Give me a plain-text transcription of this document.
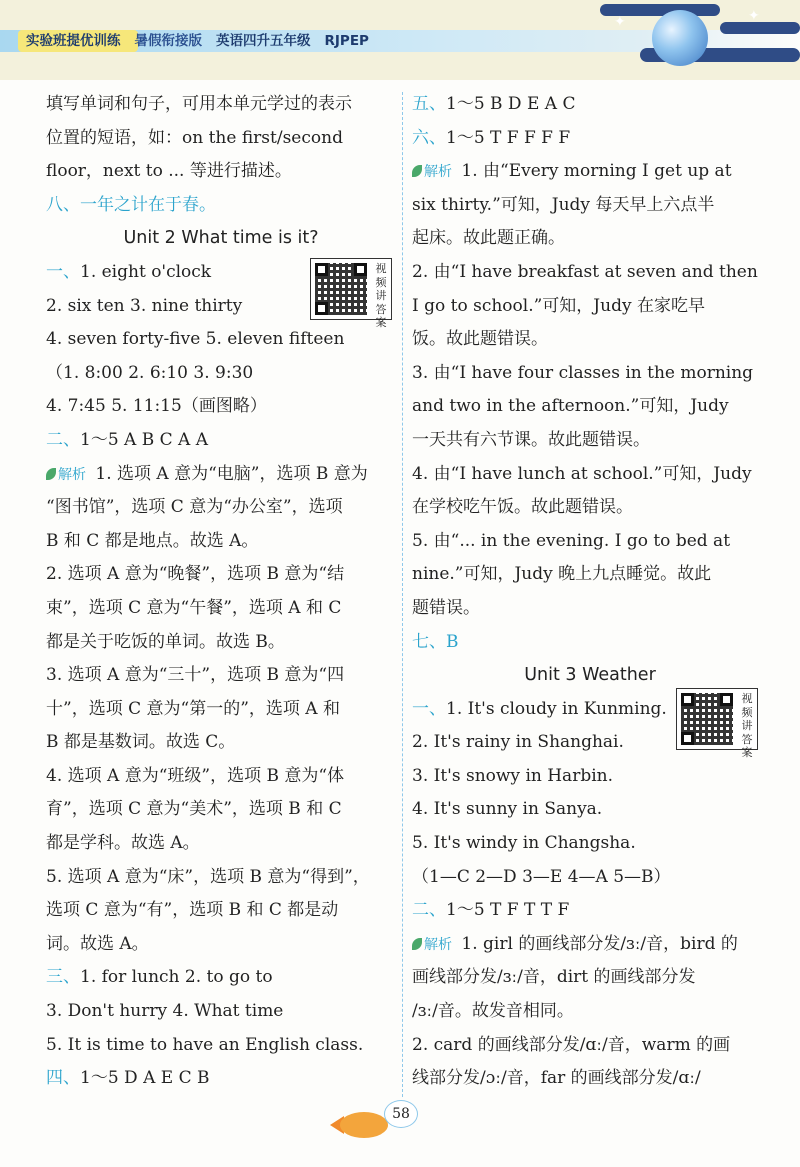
实验班提优训练 暑假衔接版 英语四升五年级 RJPEP
✦	✦
填写单词和句子，可用本单元学过的表示
位置的短语，如：on the first/second
floor，next to ... 等进行描述。
八、一年之计在于春。
Unit 2 What time is it?
一、1. eight o'clock
2. six ten 3. nine thirty
4. seven forty-five 5. eleven fifteen
（1. 8:00 2. 6:10 3. 9:30
4. 7:45 5. 11:15（画图略）
二、1～5 A B C A A
解析 1. 选项 A 意为“电脑”，选项 B 意为
“图书馆”，选项 C 意为“办公室”，选项
B 和 C 都是地点。故选 A。
2. 选项 A 意为“晚餐”，选项 B 意为“结
束”，选项 C 意为“午餐”，选项 A 和 C
都是关于吃饭的单词。故选 B。
3. 选项 A 意为“三十”，选项 B 意为“四
十”，选项 C 意为“第一的”，选项 A 和
B 都是基数词。故选 C。
4. 选项 A 意为“班级”，选项 B 意为“体
育”，选项 C 意为“美术”，选项 B 和 C
都是学科。故选 A。
5. 选项 A 意为“床”，选项 B 意为“得到”，
选项 C 意为“有”，选项 B 和 C 都是动
词。故选 A。
三、1. for lunch 2. to go to
3. Don't hurry 4. What time
5. It is time to have an English class.
四、1～5 D A E C B
视频讲答案
五、1～5 B D E A C
六、1～5 T F F F F
解析 1. 由“Every morning I get up at
six thirty.”可知，Judy 每天早上六点半
起床。故此题正确。
2. 由“I have breakfast at seven and then
I go to school.”可知，Judy 在家吃早
饭。故此题错误。
3. 由“I have four classes in the morning
and two in the afternoon.”可知，Judy
一天共有六节课。故此题错误。
4. 由“I have lunch at school.”可知，Judy
在学校吃午饭。故此题错误。
5. 由“... in the evening. I go to bed at
nine.”可知，Judy 晚上九点睡觉。故此
题错误。
七、B
Unit 3 Weather
一、1. It's cloudy in Kunming.
2. It's rainy in Shanghai.
3. It's snowy in Harbin.
4. It's sunny in Sanya.
5. It's windy in Changsha.
（1—C 2—D 3—E 4—A 5—B）
二、1～5 T F T T F
解析 1. girl 的画线部分发/ɜː/音，bird 的
画线部分发/ɜː/音，dirt 的画线部分发
/ɜː/音。故发音相同。
2. card 的画线部分发/ɑː/音，warm 的画
线部分发/ɔː/音，far 的画线部分发/ɑː/
视频讲答案
58
